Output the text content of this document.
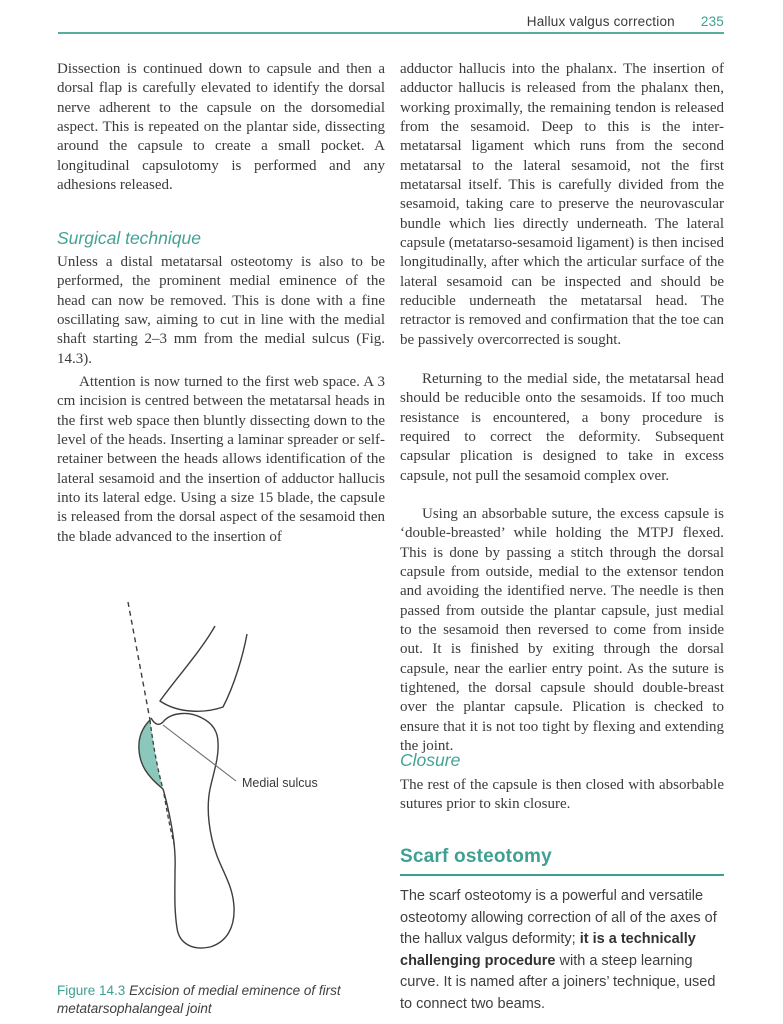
Hallux valgus correction 235

Dissection is continued down to capsule and then a dorsal flap is carefully elevated to identify the dorsal nerve adherent to the capsule on the dorsomedial aspect. This is repeated on the plantar side, dissecting around the capsule to create a small pocket. A longitudinal capsulotomy is performed and any adhesions released.

Surgical technique

Unless a distal metatarsal osteotomy is also to be performed, the prominent medial eminence of the head can now be removed. This is done with a fine oscillating saw, aiming to cut in line with the medial shaft starting 2–3 mm from the medial sulcus (Fig. 14.3).

Attention is now turned to the first web space. A 3 cm incision is centred between the metatarsal heads in the first web space then bluntly dissecting down to the level of the heads. Inserting a laminar spreader or self-retainer between the heads allows identification of the lateral sesamoid and the insertion of adductor hallucis into its lateral edge. Using a size 15 blade, the capsule is released from the dorsal aspect of the sesamoid then the blade advanced to the insertion of

Medial sulcus

Figure 14.3 Excision of medial eminence of first metatarsophalangeal joint

adductor hallucis into the phalanx. The insertion of adductor hallucis is released from the phalanx then, working proximally, the remaining tendon is released from the sesamoid. Deep to this is the inter-metatarsal ligament which runs from the second metatarsal to the lateral sesamoid, not the first metatarsal itself. This is carefully divided from the sesamoid, taking care to preserve the neurovascular bundle which lies directly underneath. The lateral capsule (metatarso-sesamoid ligament) is then incised longitudinally, after which the articular surface of the lateral sesamoid can be inspected and should be reducible underneath the metatarsal head. The retractor is removed and confirmation that the toe can be passively overcorrected is sought.

Returning to the medial side, the metatarsal head should be reducible onto the sesamoids. If too much resistance is encountered, a bony procedure is required to correct the deformity. Subsequent capsular plication is designed to take in excess capsule, not pull the sesamoid complex over.

Using an absorbable suture, the excess capsule is ‘double-breasted’ while holding the MTPJ flexed. This is done by passing a stitch through the dorsal capsule from outside, medial to the extensor tendon and avoiding the identified nerve. The needle is then passed from outside the plantar capsule, just medial to the sesamoid then reversed to come from inside out. It is finished by exiting through the dorsal capsule, near the earlier entry point. As the suture is tightened, the dorsal capsule should double-breast over the plantar capsule. Plication is checked to ensure that it is not too tight by flexing and extending the joint.

Closure

The rest of the capsule is then closed with absorbable sutures prior to skin closure.

Scarf osteotomy

The scarf osteotomy is a powerful and versatile osteotomy allowing correction of all of the axes of the hallux valgus deformity; it is a technically challenging procedure with a steep learning curve. It is named after a joiners’ technique, used to connect two beams.
